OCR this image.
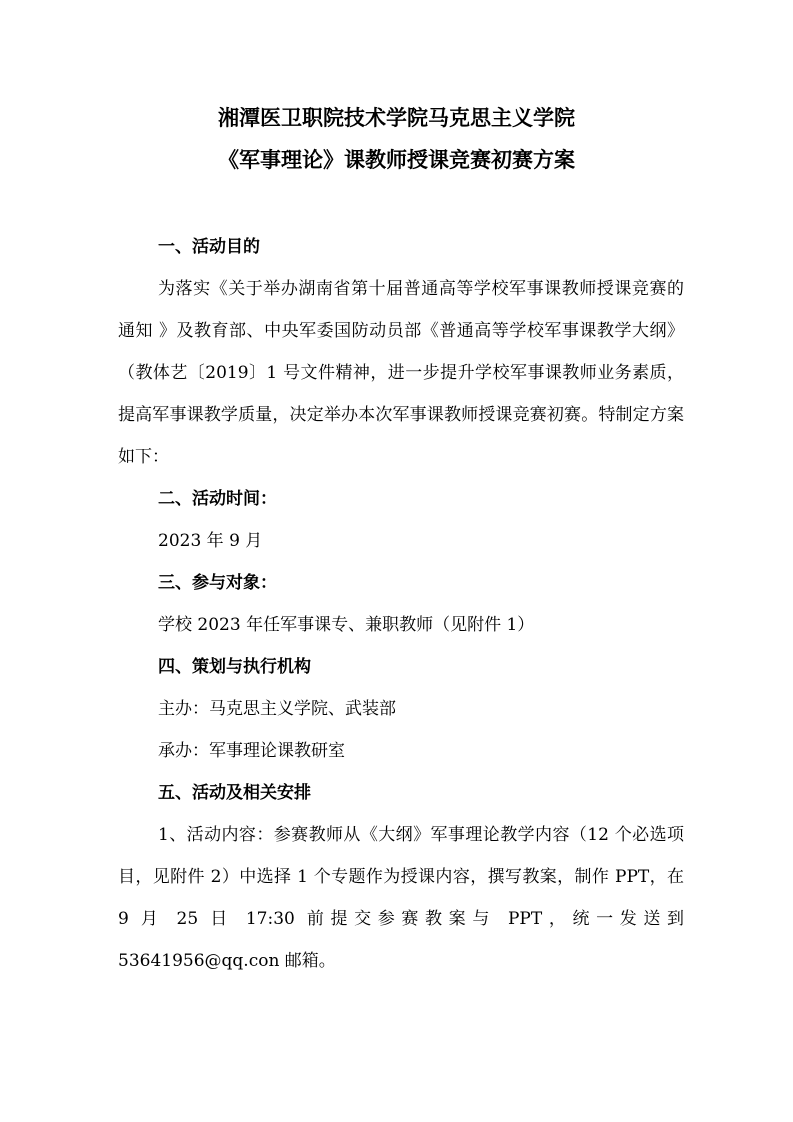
湘潭医卫职院技术学院马克思主义学院
《军事理论》课教师授课竞赛初赛方案

一、活动目的

为落实《关于举办湖南省第十届普通高等学校军事课教师授课竞赛的通知 》及教育部、中央军委国防动员部《普通高等学校军事课教学大纲》（教体艺〔2019〕1 号文件精神，进一步提升学校军事课教师业务素质，提高军事课教学质量，决定举办本次军事课教师授课竞赛初赛。特制定方案如下：

二、活动时间：

2023 年 9 月

三、参与对象：

学校 2023 年任军事课专、兼职教师（见附件 1）

四、策划与执行机构

主办：马克思主义学院、武装部

承办：军事理论课教研室

五、活动及相关安排

1、活动内容：参赛教师从《大纲》军事理论教学内容（12 个必选项目，见附件 2）中选择 1 个专题作为授课内容，撰写教案，制作 PPT，在 9 月 25 日 17:30 前提交参赛教案与 PPT，统一发送到 53641956@qq.con 邮箱。
